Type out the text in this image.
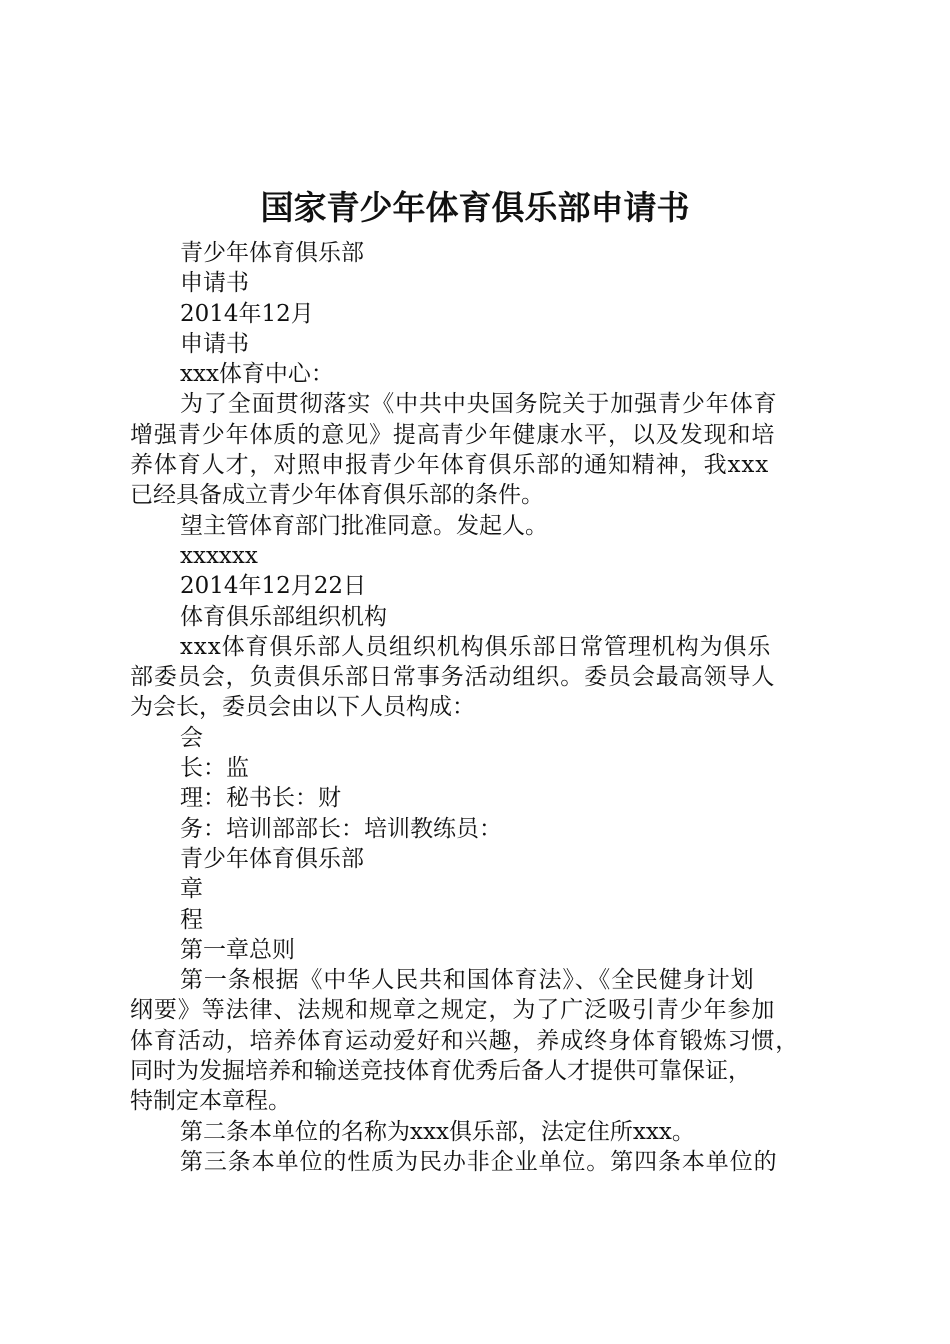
国家青少年体育俱乐部申请书

青少年体育俱乐部

申请书

2014年12月

申请书

xxx体育中心：

为了全面贯彻落实《中共中央国务院关于加强青少年体育

增强青少年体质的意见》提高青少年健康水平，以及发现和培

养体育人才，对照申报青少年体育俱乐部的通知精神，我xxx

已经具备成立青少年体育俱乐部的条件。

望主管体育部门批准同意。发起人。

xxxxxx

2014年12月22日

体育俱乐部组织机构

xxx体育俱乐部人员组织机构俱乐部日常管理机构为俱乐

部委员会，负责俱乐部日常事务活动组织。委员会最高领导人

为会长，委员会由以下人员构成：

会

长：监

理：秘书长：财

务：培训部部长：培训教练员：

青少年体育俱乐部

章

程

第一章总则

第一条根据《中华人民共和国体育法》、《全民健身计划

纲要》等法律、法规和规章之规定，为了广泛吸引青少年参加

体育活动，培养体育运动爱好和兴趣，养成终身体育锻炼习惯，

同时为发掘培养和输送竞技体育优秀后备人才提供可靠保证，

特制定本章程。

第二条本单位的名称为xxx俱乐部，法定住所xxx。

第三条本单位的性质为民办非企业单位。第四条本单位的
